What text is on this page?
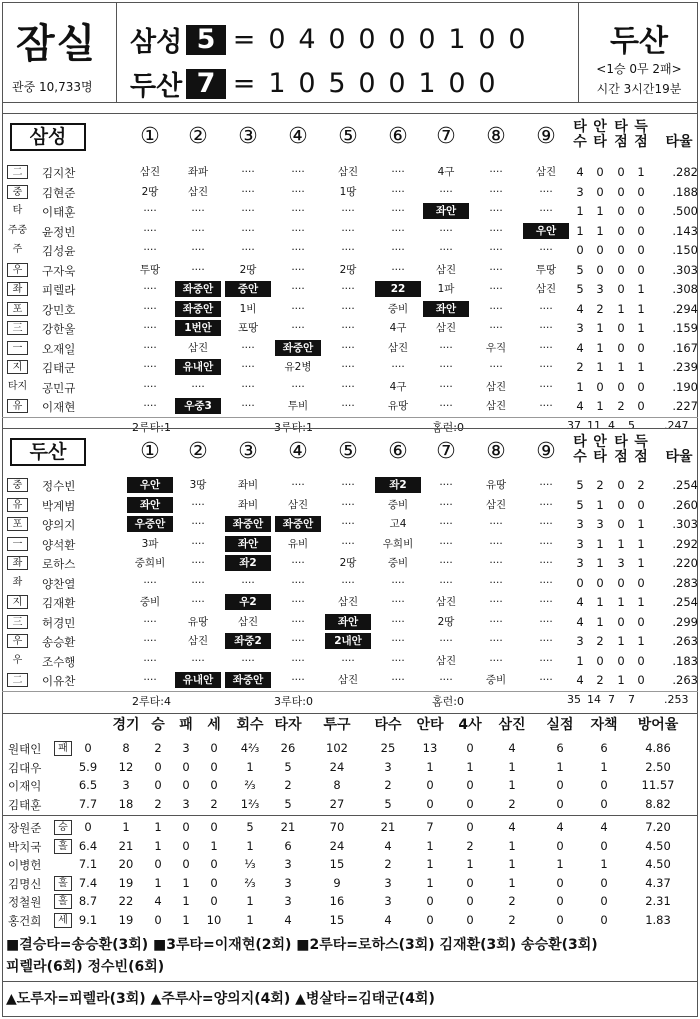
잠실
관중 10,733명
삼성 5 = 0 4 0 0 0 0 1 0 0
두산 7 = 1 0 5 0 0 1 0 0
두산
<1승 0무 2패>
시간 3시간19분
삼성	① ② ③ ④ ⑤ ⑥ ⑦ ⑧ ⑨ 타
수
안
타
타
점
득
점	타율
二	김지찬	삼진	좌파	····	····	삼진	····	4구	····	삼진	4	0	0	1	.282
중	김현준	2땅	삼진	····	····	1땅	····	····	····	····	3	0	0	0	.188
타	이태훈	····	····	····	····	····	····	좌안	····	····	1	1	0	0	.500
주중 윤정빈	····	····	····	····	····	····	····	····	우안	1	1	0	0	.143
주	김성윤	····	····	····	····	····	····	····	····	····	0	0	0	0	.150
우	구자욱	투땅	····	2땅	····	2땅	····	삼진	····	투땅	5	0	0	0	.303
좌	피렐라	····	좌중안	중안	····	····	22	1파	····	삼진	5	3	0	1	.308
포	강민호	····	좌중안	1비	····	····	중비	좌안	····	····	4	2	1	1	.294
三	강한울	····	1번안	포땅	····	····	4구	삼진	····	····	3	1	0	1	.159
一	오재일	····	삼진	····	좌중안	····	삼진	····	우직	····	4	1	0	0	.167
지	김태군	····	유내안	····	유2병	····	····	····	····	····	2	1	1	1	.239
타지 공민규	····	····	····	····	····	4구	····	삼진	····	1	0	0	0	.190
유	이재현	····	우중3	····	투비	····	유땅	····	삼진	····	4	1	2	0	.227
2루타:1	3루타:1	홈런:0	37 11 4 5	.247
두산	① ② ③ ④ ⑤ ⑥ ⑦ ⑧ ⑨ 타
수
안
타
타
점
득
점	타율
중	정수빈	우안	3땅	좌비	····	····	좌2	····	유땅	····	5	2	0	2	.254
유	박계범	좌안	····	좌비	삼진	····	중비	····	삼진	····	5	1	0	0	.260
포	양의지	우중안	····	좌중안	좌중안	····	고4	····	····	····	3	3	0	1	.303
一	양석환	3파	····	좌안	유비	····	우희비	····	····	····	3	1	1	1	.292
좌	로하스	중희비	····	좌2	····	2땅	중비	····	····	····	3	1	3	1	.220
좌	양찬열	····	····	····	····	····	····	····	····	····	0	0	0	0	.283
지	김재환	중비	····	우2	····	삼진	····	삼진	····	····	4	1	1	1	.254
三	허경민	····	유땅	삼진	····	좌안	····	2땅	····	····	4	1	0	0	.299
우	송승환	····	삼진	좌중2	····	2내안	····	····	····	····	3	2	1	1	.263
우	조수행	····	····	····	····	····	····	삼진	····	····	1	0	0	0	.183
二	이유찬	····	유내안	좌중안	····	삼진	····	····	중비	····	4	2	1	0	.263
2루타:4	3루타:0	홈런:0	35 14 7 7	.253
경기 승	패	세	회수 타자	투구	타수	안타	4사	삼진	실점	자책	방어율
원태인	패	0	8	2	3	0	4⅔	26	102	25	13	0	4	6	6	4.86
김대우	5.9	12	0	0	0	1	5	24	3	1	1	1	1	1	2.50
이재익	6.5	3	0	0	0	⅔	2	8	2	0	0	1	0	0	11.57
김태훈	7.7	18	2	3	2	1⅔	5	27	5	0	0	2	0	0	8.82
장원준	승	0	1	1	0	0	5	21	70	21	7	0	4	4	4	7.20
박치국	홀 6.4	21	1	0	1	1	6	24	4	1	2	1	0	0	4.50
이병헌	7.1	20	0	0	0	⅓	3	15	2	1	1	1	1	1	4.50
김명신	홀 7.4	19	1	1	0	⅔	3	9	3	1	0	1	0	0	4.37
정철원	홀 8.7	22	4	1	0	1	3	16	3	0	0	2	0	0	2.31
홍건희	세 9.1	19	0	1	10	1	4	15	4	0	0	2	0	0	1.83
■결승타=송승환(3회) ■3루타=이재현(2회) ■2루타=로하스(3회) 김재환(3회) 송승환(3회)
피렐라(6회) 정수빈(6회)
▲도루자=피렐라(3회) ▲주루사=양의지(4회) ▲병살타=김태군(4회)
